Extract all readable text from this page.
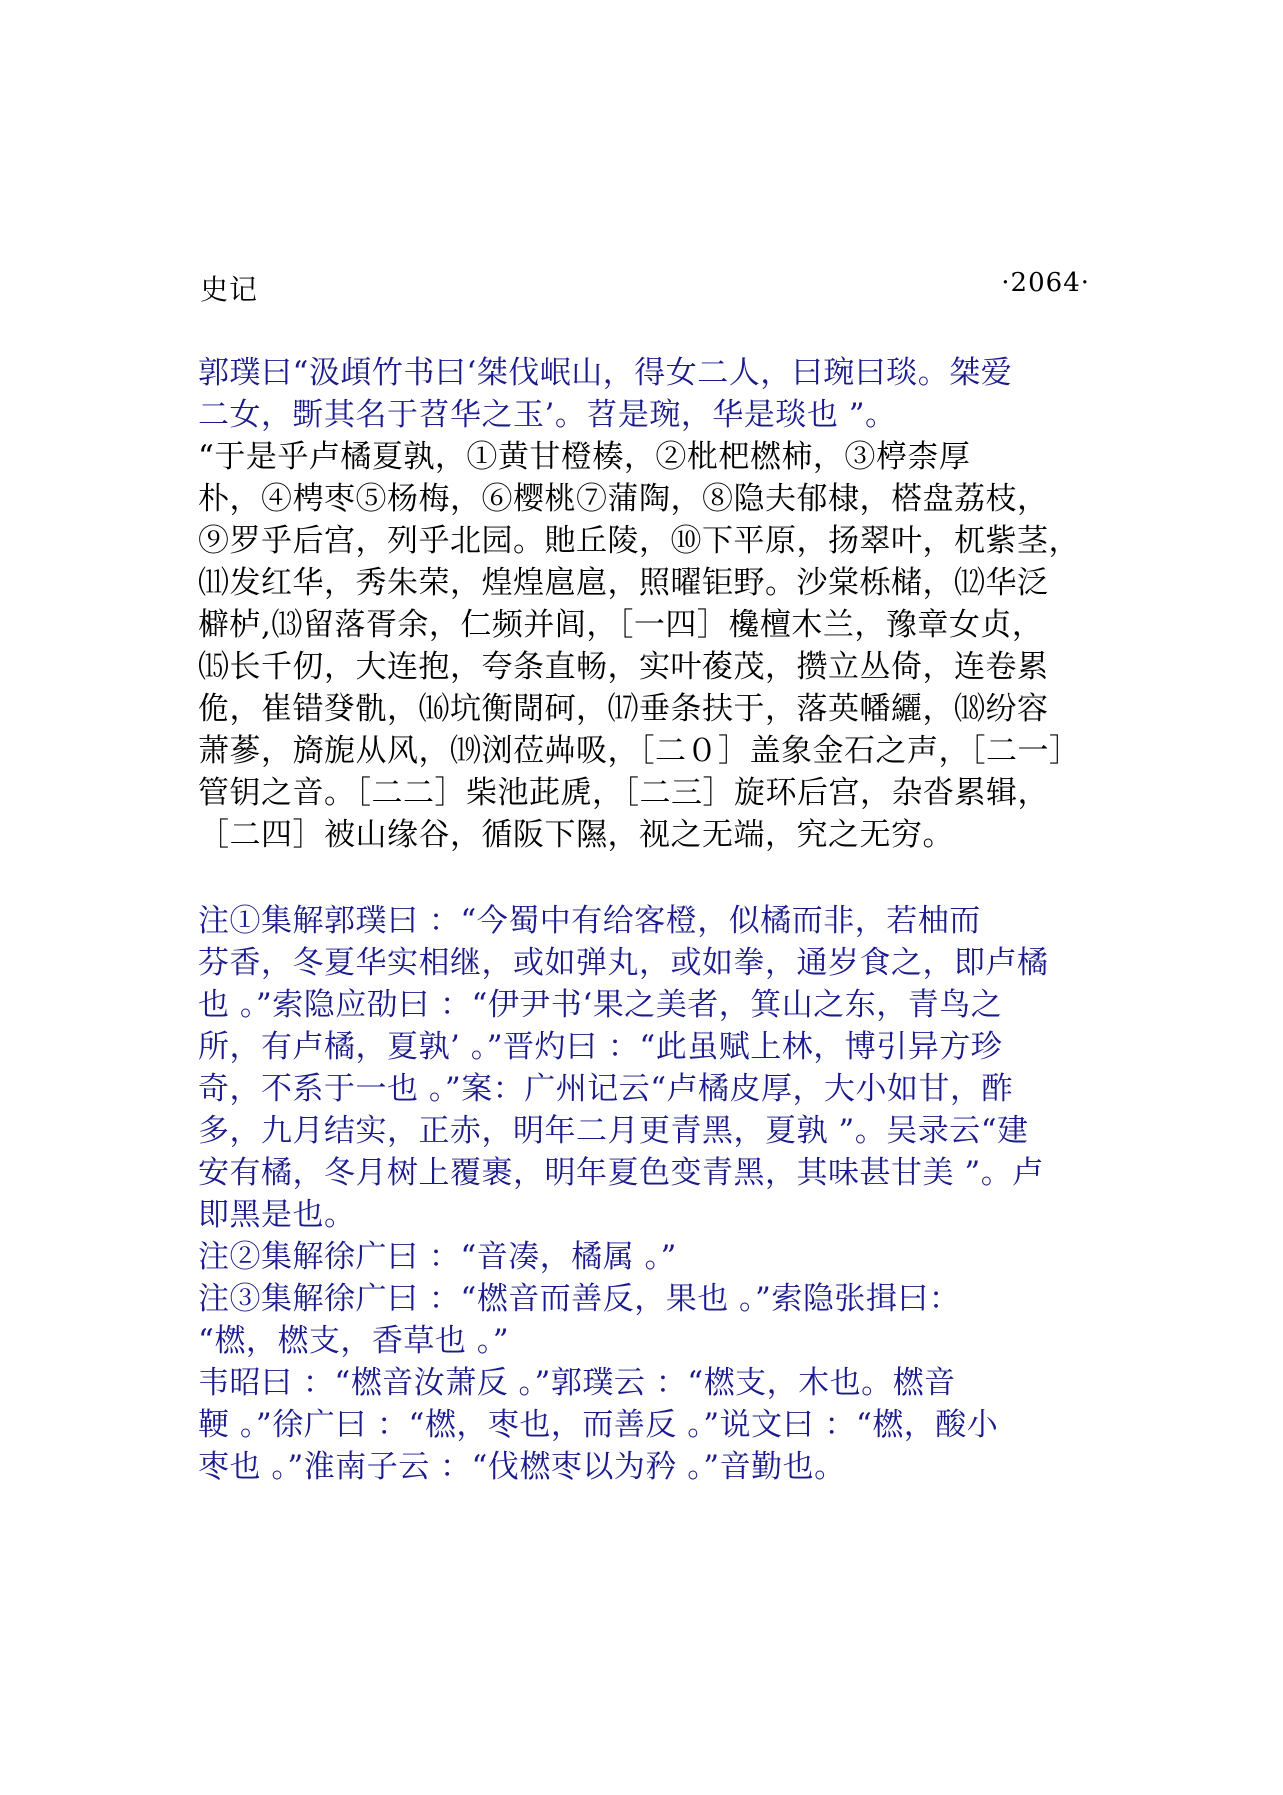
史记	·2064·
郭璞曰“汲頉竹书曰‘桀伐岷山，得女二人，曰琬曰琰。桀爱
二女，斲其名于苕华之玉’。苕是琬，华是琰也 ”。
“于是乎卢橘夏孰，①黄甘橙楱，②枇杷橪柿，③楟柰厚
朴，④梬枣⑤杨梅，⑥樱桃⑦蒲陶，⑧隐夫郁棣，榙盘荔枝，
⑨罗乎后宫，列乎北园。貤丘陵，⑩下平原，扬翠叶，杌紫茎，
⑾发红华，秀朱荣，煌煌扈扈，照曜钜野。沙棠栎槠，⑿华泛
檘栌,⒀留落胥余，仁频并闾，［一四］欃檀木兰，豫章女贞，
⒂长千仞，大连抱，夸条直畅，实叶葰茂，攒立丛倚，连卷累
佹，崔错癹骩，⒃坑衡閜砢，⒄垂条扶于，落英幡纚，⒅纷容
萧蔘，旖旎从风，⒆浏莅芔吸，［二０］盖象金石之声，［二一］
管钥之音。［二二］柴池茈虒，［二三］旋环后宫，杂沓累辑，
［二四］被山缘谷，循阪下隰，视之无端，究之无穷。
注①集解郭璞曰 ：“今蜀中有给客橙，似橘而非，若柚而
芬香，冬夏华实相继，或如弹丸，或如拳，通岁食之，即卢橘
也 。”索隐应劭曰 ：“伊尹书‘果之美者，箕山之东，青鸟之
所，有卢橘，夏孰’ 。”晋灼曰 ：“此虽赋上林，博引异方珍
奇，不系于一也 。”案：广州记云“卢橘皮厚，大小如甘，酢
多，九月结实，正赤，明年二月更青黑，夏孰 ”。吴录云“建
安有橘，冬月树上覆裹，明年夏色变青黑，其味甚甘美 ”。卢
即黑是也。
注②集解徐广曰 ：“音凑，橘属 。”
注③集解徐广曰 ：“橪音而善反，果也 。”索隐张揖曰：
“橪，橪支，香草也 。”
韦昭曰 ：“橪音汝萧反 。”郭璞云 ：“橪支，木也。橪音
鞕 。”徐广曰 ：“橪，枣也，而善反 。”说文曰 ：“橪，酸小
枣也 。”淮南子云 ：“伐橪枣以为矜 。”音勤也。
